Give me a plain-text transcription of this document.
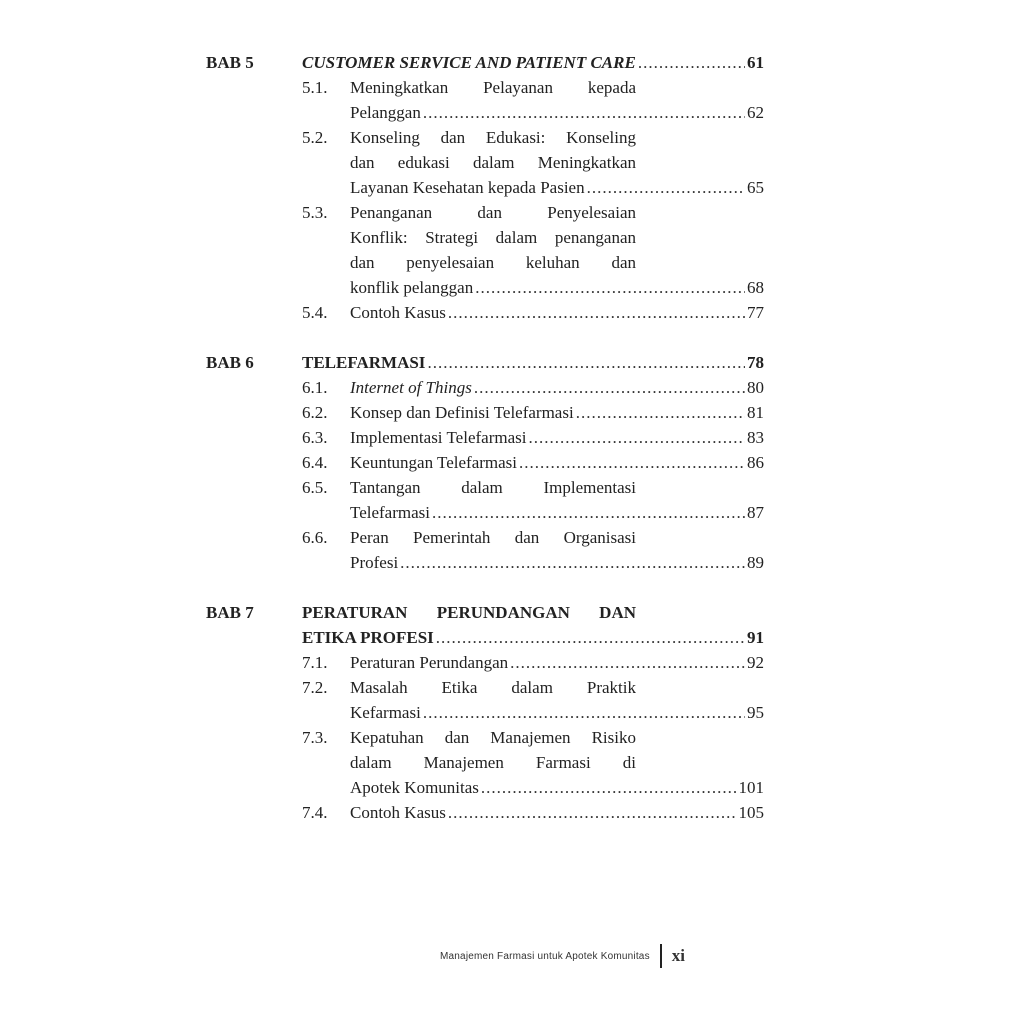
BAB 5	CUSTOMER SERVICE AND PATIENT CARE .....	61
5.1. Meningkatkan Pelayanan kepada
Pelanggan .....	62
5.2. Konseling dan Edukasi: Konseling
dan edukasi dalam Meningkatkan
Layanan Kesehatan kepada Pasien .....	65
5.3. Penanganan dan Penyelesaian
Konflik: Strategi dalam penanganan
dan penyelesaian keluhan dan
konflik pelanggan .....	68
5.4. Contoh Kasus .....	77
BAB 6	TELEFARMASI .....	78
6.1. Internet of Things .....	80
6.2. Konsep dan Definisi Telefarmasi .....	81
6.3. Implementasi Telefarmasi .....	83
6.4. Keuntungan Telefarmasi .....	86
6.5. Tantangan dalam Implementasi
Telefarmasi .....	87
6.6. Peran Pemerintah dan Organisasi
Profesi .....	89
BAB 7	PERATURAN PERUNDANGAN DAN
ETIKA PROFESI .....	91
7.1. Peraturan Perundangan .....	92
7.2. Masalah Etika dalam Praktik
Kefarmasi .....	95
7.3. Kepatuhan dan Manajemen Risiko
dalam Manajemen Farmasi di
Apotek Komunitas .....	101
7.4. Contoh Kasus .....	105
Manajemen Farmasi untuk Apotek Komunitas xi
